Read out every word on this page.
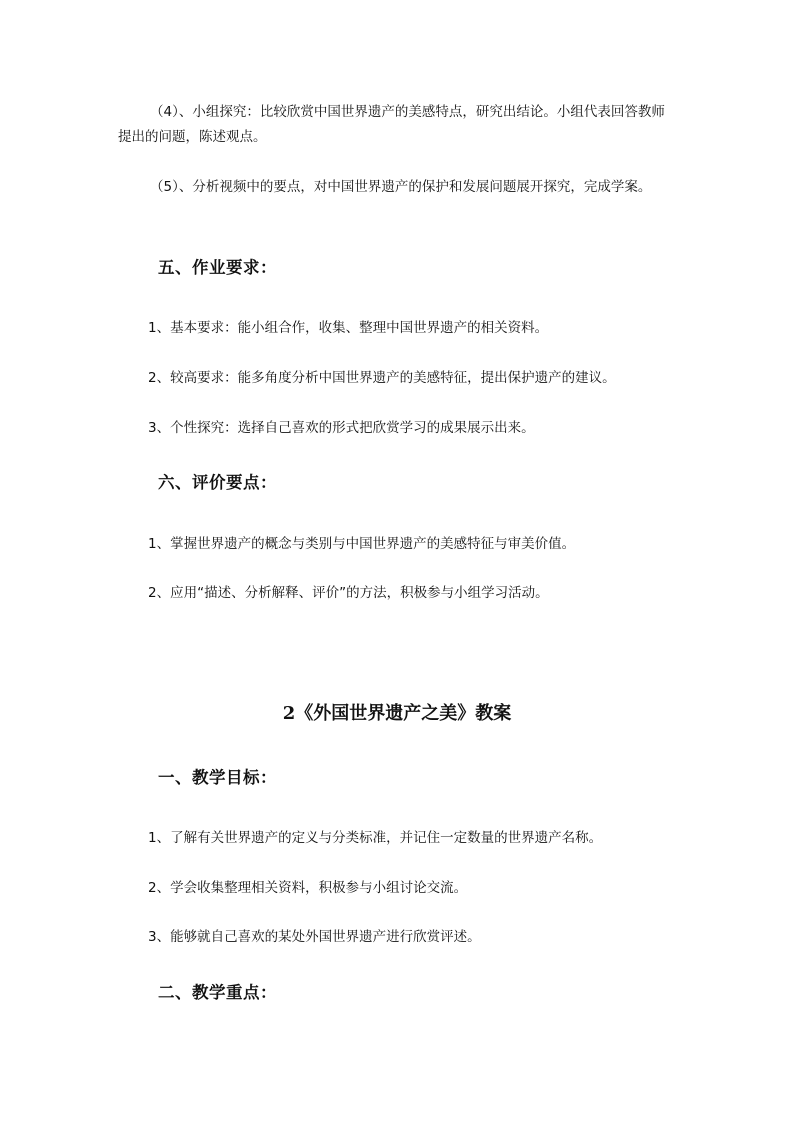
（4）、小组探究：比较欣赏中国世界遗产的美感特点，研究出结论。小组代表回答教师提出的问题，陈述观点。

（5）、分析视频中的要点，对中国世界遗产的保护和发展问题展开探究，完成学案。

五、作业要求：

1、基本要求：能小组合作，收集、整理中国世界遗产的相关资料。

2、较高要求：能多角度分析中国世界遗产的美感特征，提出保护遗产的建议。

3、个性探究：选择自己喜欢的形式把欣赏学习的成果展示出来。

六、评价要点：

1、掌握世界遗产的概念与类别与中国世界遗产的美感特征与审美价值。

2、应用“描述、分析解释、评价”的方法，积极参与小组学习活动。

2《外国世界遗产之美》教案
一、教学目标：

1、了解有关世界遗产的定义与分类标准，并记住一定数量的世界遗产名称。

2、学会收集整理相关资料，积极参与小组讨论交流。

3、能够就自己喜欢的某处外国世界遗产进行欣赏评述。

二、教学重点：
